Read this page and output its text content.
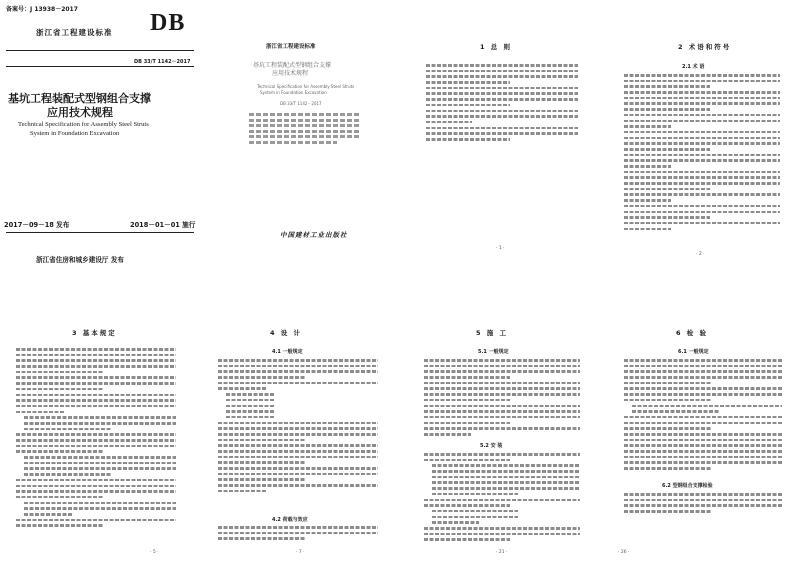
备案号：J 13938－2017
DB
浙江省工程建设标准
DB 33/T 1142－2017
基坑工程装配式型钢组合支撑
应用技术规程
Technical Specification for Assembly Steel Struts
System in Foundation Excavation
2017－09－18 发布	2018－01－01 施行
浙江省住房和城乡建设厅 发布
浙江省工程建设标准
基坑工程装配式型钢组合支撑
应用技术规程
Technical Specification for Assembly Steel Struts
System in Foundation Excavation
DB 33/T 1142－2017
中国建材工业出版社
1 总 则
· 1 ·
2 术语和符号
2.1 术 语
· 2 ·
3 基本规定
· 5 ·
4 设 计
4.1 一般规定
4.2 荷载与效应
· 7 ·
5 施 工
5.1 一般规定
5.2 安 装
· 21 ·
6 检 验
6.1 一般规定
6.2 型钢组合支撑检验
· 26 ·
